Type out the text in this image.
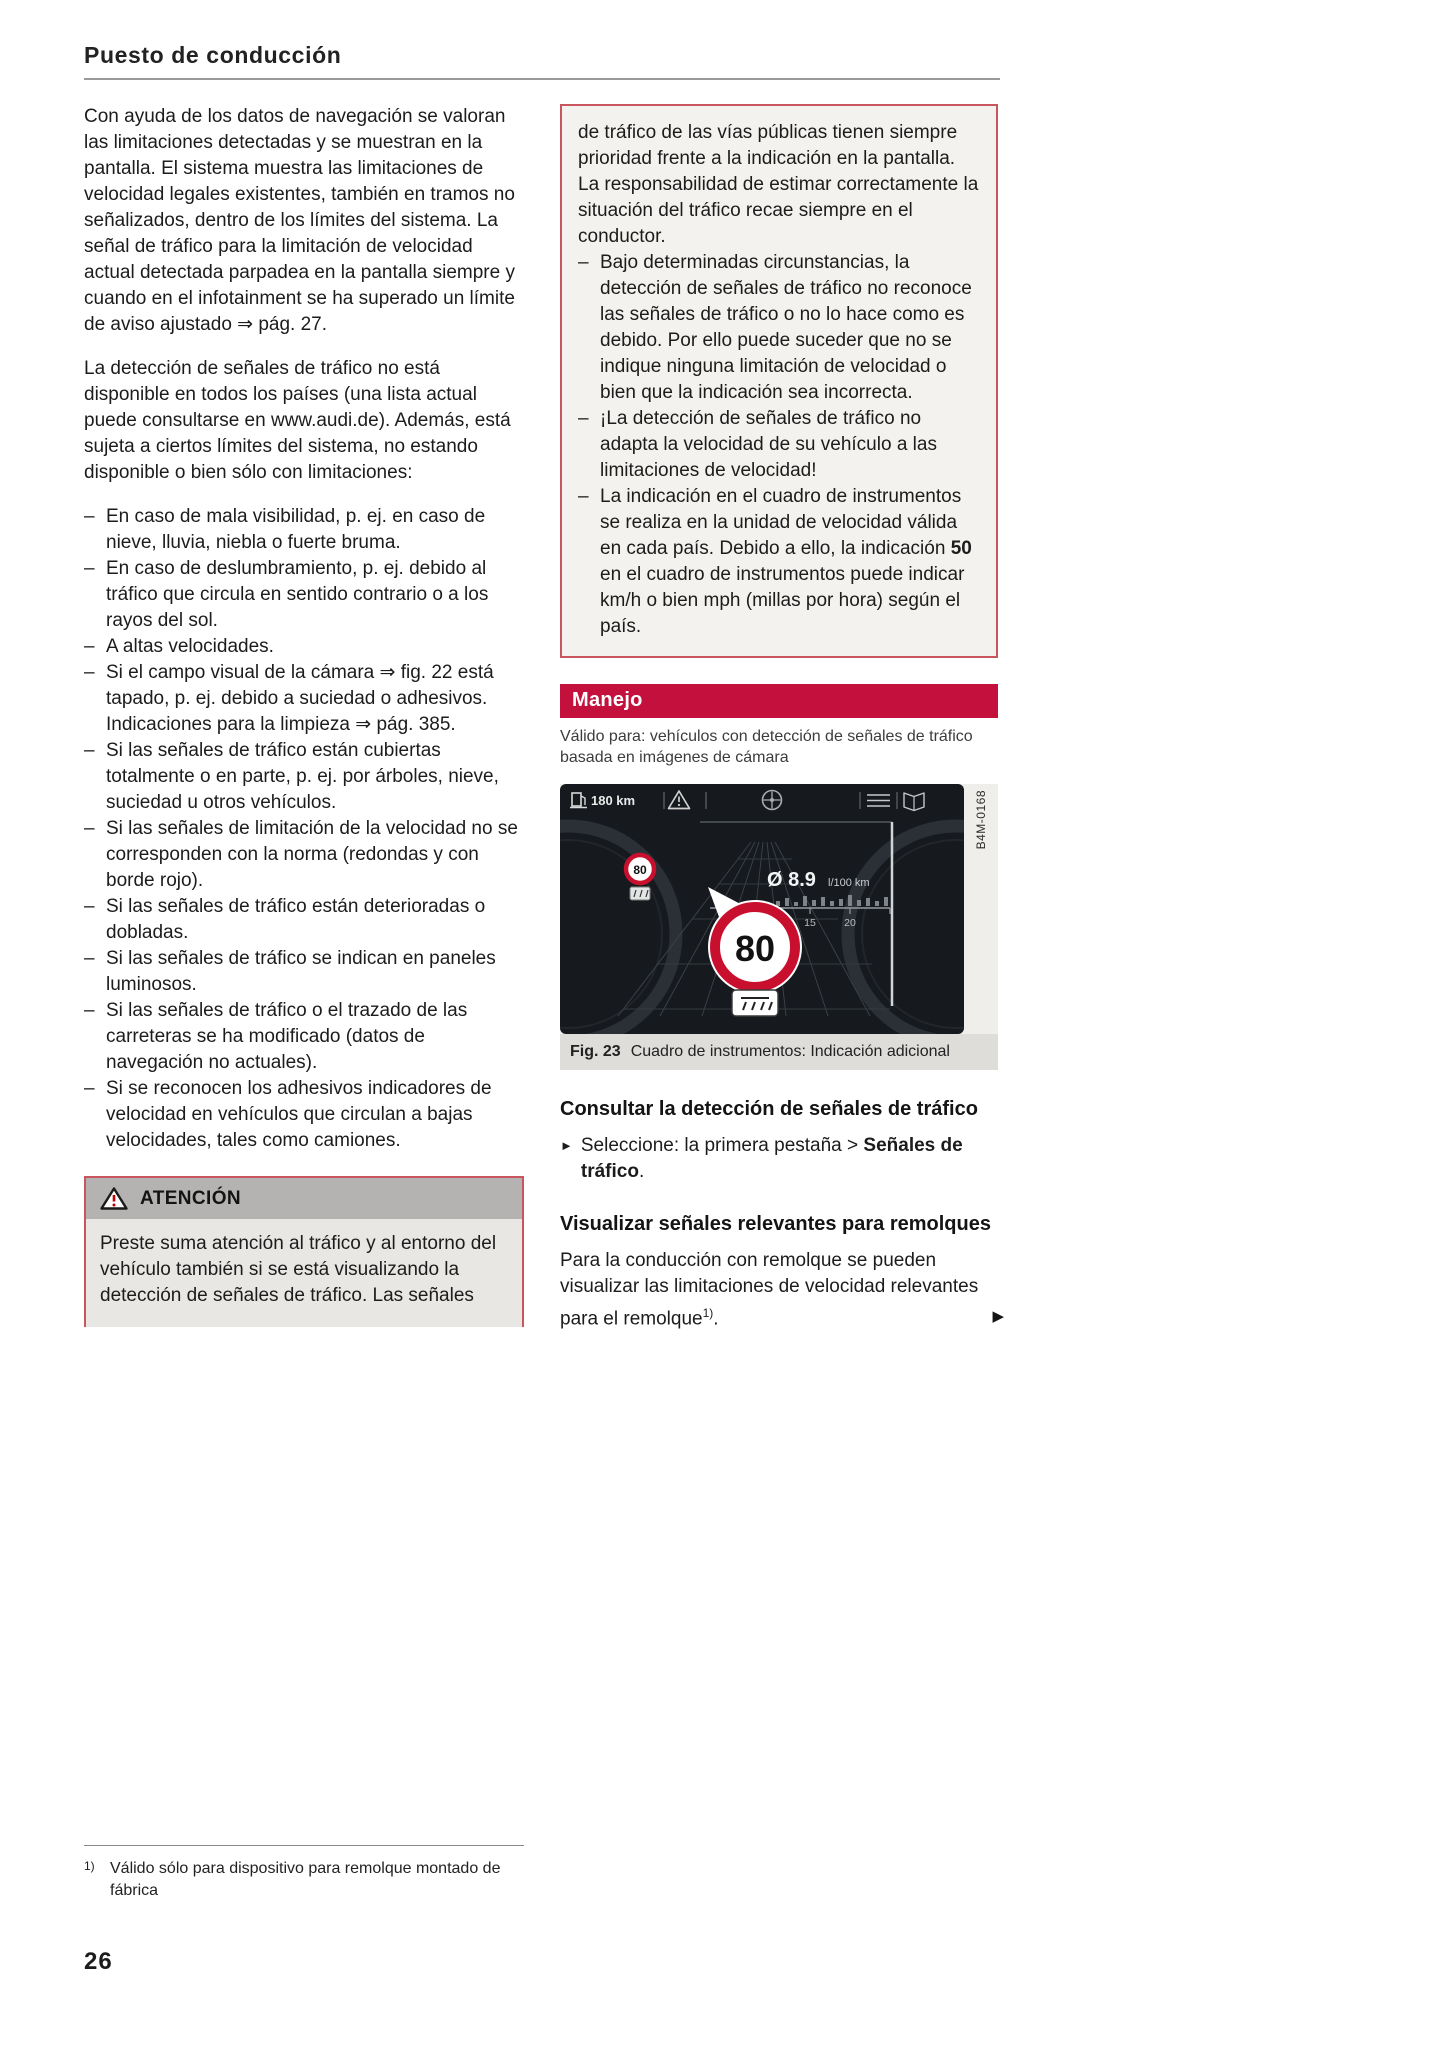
Puesto de conducción

Con ayuda de los datos de navegación se valoran las limitaciones detectadas y se muestran en la pantalla. El sistema muestra las limitaciones de velocidad legales existentes, también en tramos no señalizados, dentro de los límites del sistema. La señal de tráfico para la limitación de velocidad actual detectada parpadea en la pantalla siempre y cuando en el infotainment se ha superado un límite de aviso ajustado ⇒ pág. 27.

La detección de señales de tráfico no está disponible en todos los países (una lista actual puede consultarse en www.audi.de). Además, está sujeta a ciertos límites del sistema, no estando disponible o bien sólo con limitaciones:

– En caso de mala visibilidad, p. ej. en caso de nieve, lluvia, niebla o fuerte bruma.
– En caso de deslumbramiento, p. ej. debido al tráfico que circula en sentido contrario o a los rayos del sol.
– A altas velocidades.
– Si el campo visual de la cámara ⇒ fig. 22 está tapado, p. ej. debido a suciedad o adhesivos. Indicaciones para la limpieza ⇒ pág. 385.
– Si las señales de tráfico están cubiertas totalmente o en parte, p. ej. por árboles, nieve, suciedad u otros vehículos.
– Si las señales de limitación de la velocidad no se corresponden con la norma (redondas y con borde rojo).
– Si las señales de tráfico están deterioradas o dobladas.
– Si las señales de tráfico se indican en paneles luminosos.
– Si las señales de tráfico o el trazado de las carreteras se ha modificado (datos de navegación no actuales).
– Si se reconocen los adhesivos indicadores de velocidad en vehículos que circulan a bajas velocidades, tales como camiones.
ATENCIÓN
Preste suma atención al tráfico y al entorno del vehículo también si se está visualizando la detección de señales de tráfico. Las señales

de tráfico de las vías públicas tienen siempre prioridad frente a la indicación en la pantalla. La responsabilidad de estimar correctamente la situación del tráfico recae siempre en el conductor.

– Bajo determinadas circunstancias, la detección de señales de tráfico no reconoce las señales de tráfico o no lo hace como es debido. Por ello puede suceder que no se indique ninguna limitación de velocidad o bien que la indicación sea incorrecta.
– ¡La detección de señales de tráfico no adapta la velocidad de su vehículo a las limitaciones de velocidad!
– La indicación en el cuadro de instrumentos se realiza en la unidad de velocidad válida en cada país. Debido a ello, la indicación 50 en el cuadro de instrumentos puede indicar km/h o bien mph (millas por hora) según el país.
Manejo

Válido para: vehículos con detección de señales de tráfico basada en imágenes de cámara

180 km
Ø 8.9 l/100 km
15	20
80
80
B4M-0168
Fig. 23 Cuadro de instrumentos: Indicación adicional
Consultar la detección de señales de tráfico
► Seleccione: la primera pestaña > Señales de tráfico.
Visualizar señales relevantes para remolques

Para la conducción con remolque se pueden visualizar las limitaciones de velocidad relevantes para el remolque$^{1)}$.	▶

1) Válido sólo para dispositivo para remolque montado de fábrica
26
